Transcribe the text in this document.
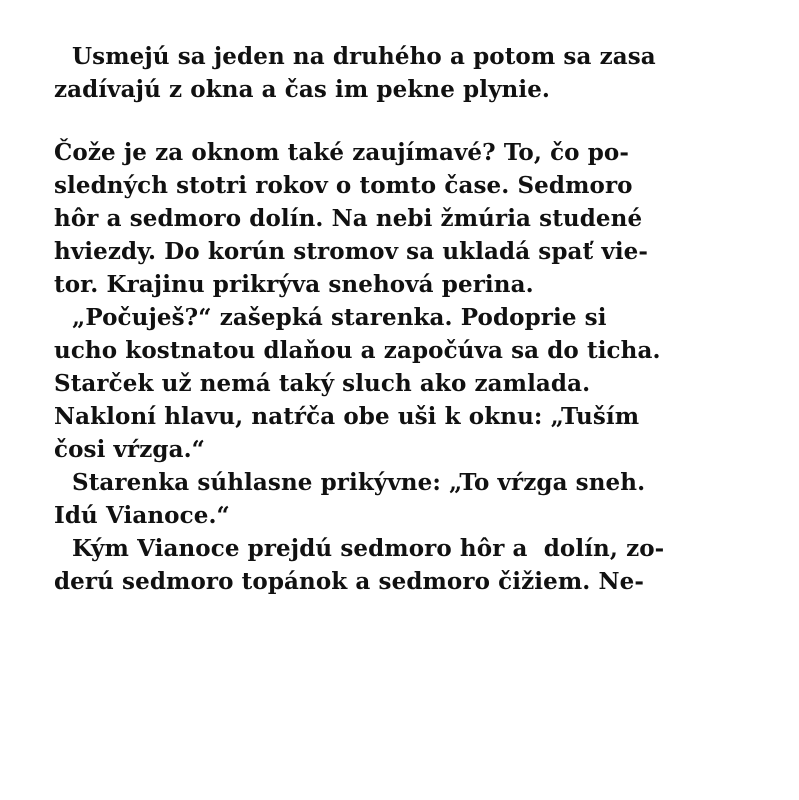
Usmejú sa jeden na druhého a potom sa zasa
zadívajú z okna a čas im pekne plynie.
Čože je za oknom také zaujímavé? To, čo po-
sledných stotri rokov o tomto čase. Sedmoro
hôr a sedmoro dolín. Na nebi žmúria studené
hviezdy. Do korún stromov sa ukladá spať vie-
tor. Krajinu prikrýva snehová perina.
„Počuješ?“ zašepká starenka. Podoprie si
ucho kostnatou dlaňou a započúva sa do ticha.
Starček už nemá taký sluch ako zamlada.
Nakloní hlavu, natŕča obe uši k oknu: „Tuším
čosi vŕzga.“
Starenka súhlasne prikývne: „To vŕzga sneh.
Idú Vianoce.“
Kým Vianoce prejdú sedmoro hôr a  dolín, zo-
derú sedmoro topánok a sedmoro čižiem. Ne-
